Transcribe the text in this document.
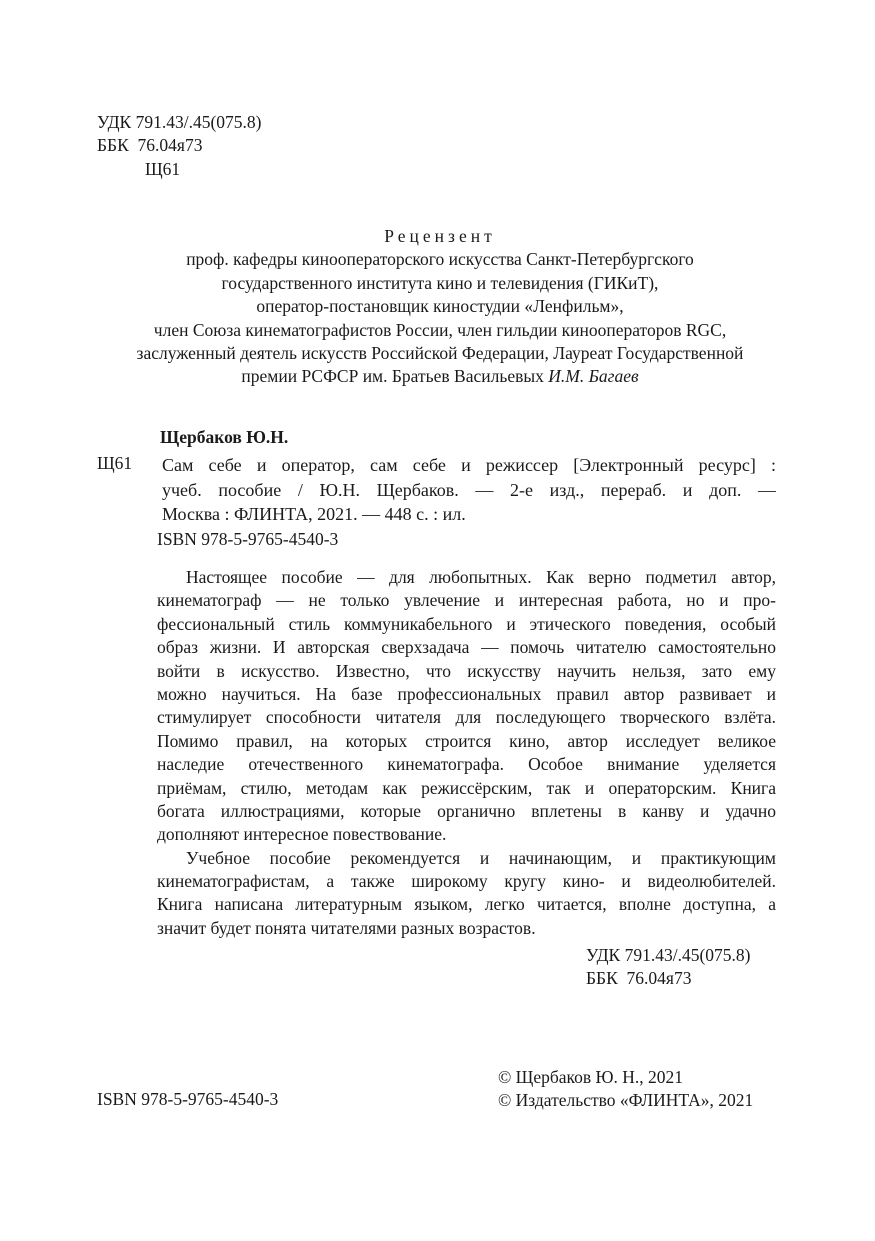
УДК 791.43/.45(075.8)
ББК  76.04я73
Щ61
Рецензент
проф. кафедры кинооператорского искусства Санкт-Петербургского
государственного института кино и телевидения (ГИКиТ),
оператор-постановщик киностудии «Ленфильм»,
член Союза кинематографистов России, член гильдии кинооператоров RGC,
заслуженный деятель искусств Российской Федерации, Лауреат Государственной
премии РСФСР им. Братьев Васильевых И.М. Багаев
Щербаков Ю.Н.
Щ61 Сам себе и оператор, сам себе и режиссер [Электронный ресурс] :
учеб. пособие / Ю.Н. Щербаков. — 2-е изд., перераб. и доп. —
Москва : ФЛИНТА, 2021. — 448 с. : ил.
ISBN 978-5-9765-4540-3
Настоящее пособие — для любопытных. Как верно подметил автор,
кинематограф — не только увлечение и интересная работа, но и про-
фессиональный стиль коммуникабельного и этического поведения, особый
образ жизни. И авторская сверхзадача — помочь читателю самостоятельно
войти в искусство. Известно, что искусству научить нельзя, зато ему
можно научиться. На базе профессиональных правил автор развивает и
стимулирует способности читателя для последующего творческого взлёта.
Помимо правил, на которых строится кино, автор исследует великое
наследие отечественного кинематографа. Особое внимание уделяется
приёмам, стилю, методам как режиссёрским, так и операторским. Книга
богата иллюстрациями, которые органично вплетены в канву и удачно
дополняют интересное повествование.
Учебное пособие рекомендуется и начинающим, и практикующим
кинематографистам, а также широкому кругу кино- и видеолюбителей.
Книга написана литературным языком, легко читается, вполне доступна, а
значит будет понята читателями разных возрастов.
УДК 791.43/.45(075.8)
ББК  76.04я73
ISBN 978-5-9765-4540-3
© Щербаков Ю. Н., 2021
© Издательство «ФЛИНТА», 2021
